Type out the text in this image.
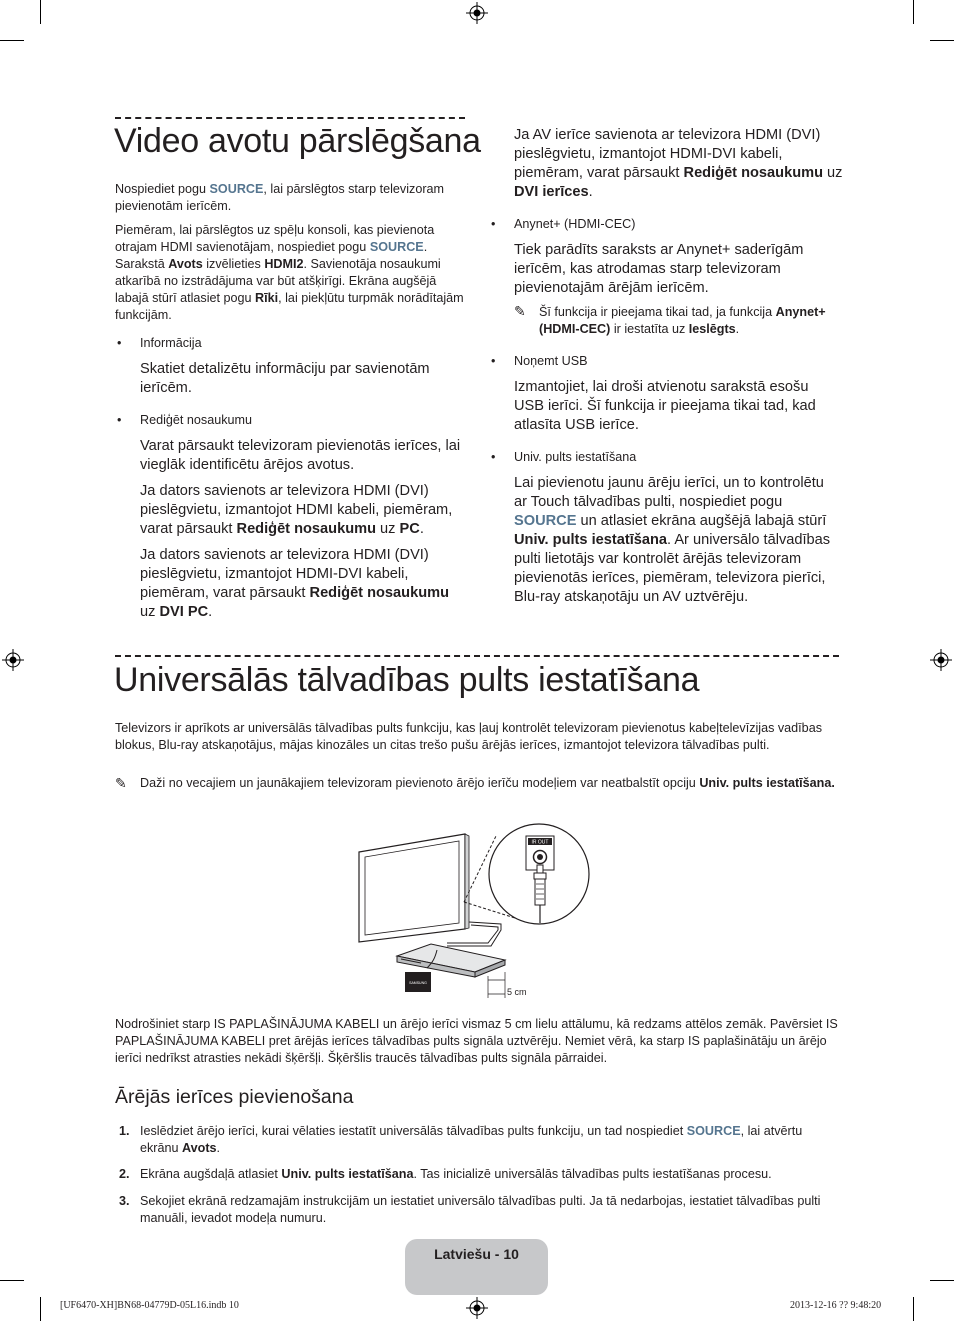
Video avotu pārslēgšana

Nospiediet pogu SOURCE, lai pārslēgtos starp televizoram pievienotām ierīcēm.

Piemēram, lai pārslēgtos uz spēļu konsoli, kas pievienota otrajam HDMI savienotājam, nospiediet pogu SOURCE. Sarakstā Avots izvēlieties HDMI2. Savienotāja nosaukumi atkarībā no izstrādājuma var būt atšķirīgi. Ekrāna augšējā labajā stūrī atlasiet pogu Rīki, lai piekļūtu turpmāk norādītajām funkcijām.

• Informācija

Skatiet detalizētu informāciju par savienotām ierīcēm.

• Rediģēt nosaukumu

Varat pārsaukt televizoram pievienotās ierīces, lai vieglāk identificētu ārējos avotus.

Ja dators savienots ar televizora HDMI (DVI) pieslēgvietu, izmantojot HDMI kabeli, piemēram, varat pārsaukt Rediģēt nosaukumu uz PC.

Ja dators savienots ar televizora HDMI (DVI) pieslēgvietu, izmantojot HDMI-DVI kabeli, piemēram, varat pārsaukt Rediģēt nosaukumu uz DVI PC.

Ja AV ierīce savienota ar televizora HDMI (DVI) pieslēgvietu, izmantojot HDMI-DVI kabeli, piemēram, varat pārsaukt Rediģēt nosaukumu uz DVI ierīces.

• Anynet+ (HDMI-CEC)

Tiek parādīts saraksts ar Anynet+ saderīgām ierīcēm, kas atrodamas starp televizoram pievienotajām ārējām ierīcēm.

✎ Šī funkcija ir pieejama tikai tad, ja funkcija Anynet+ (HDMI-CEC) ir iestatīta uz Ieslēgts.

• Noņemt USB

Izmantojiet, lai droši atvienotu sarakstā esošu USB ierīci. Šī funkcija ir pieejama tikai tad, kad atlasīta USB ierīce.

• Univ. pults iestatīšana

Lai pievienotu jaunu ārēju ierīci, un to kontrolētu ar Touch tālvadības pulti, nospiediet pogu SOURCE un atlasiet ekrāna augšējā labajā stūrī Univ. pults iestatīšana. Ar universālo tālvadības pulti lietotājs var kontrolēt ārējās televizoram pievienotās ierīces, piemēram, televizora pierīci, Blu-ray atskaņotāju un AV uztvērēju.

Universālās tālvadības pults iestatīšana

Televizors ir aprīkots ar universālās tālvadības pults funkciju, kas ļauj kontrolēt televizoram pievienotus kabeļtelevīzijas vadības blokus, Blu-ray atskaņotājus, mājas kinozāles un citas trešo pušu ārējās ierīces, izmantojot televizora tālvadības pulti.

✎ Daži no vecajiem un jaunākajiem televizoram pievienoto ārējo ierīču modeļiem var neatbalstīt opciju Univ. pults iestatīšana.

SAMSUNG
5 cm
IR OUT

Nodrošiniet starp IS PAPLAŠINĀJUMA KABELI un ārējo ierīci vismaz 5 cm lielu attālumu, kā redzams attēlos zemāk. Pavērsiet IS PAPLAŠINĀJUMA KABELI pret ārējās ierīces tālvadības pults signāla uztvērēju. Nemiet vērā, ka starp IS paplašinātāju un ārējo ierīci nedrīkst atrasties nekādi šķēršļi. Šķēršlis traucēs tālvadības pults signāla pārraidei.

Ārējās ierīces pievienošana
1. Ieslēdziet ārējo ierīci, kurai vēlaties iestatīt universālās tālvadības pults funkciju, un tad nospiediet SOURCE, lai atvērtu ekrānu Avots.
2. Ekrāna augšdaļā atlasiet Univ. pults iestatīšana. Tas inicializē universālās tālvadības pults iestatīšanas procesu.
3. Sekojiet ekrānā redzamajām instrukcijām un iestatiet universālo tālvadības pulti. Ja tā nedarbojas, iestatiet tālvadības pulti manuāli, ievadot modeļa numuru.
Latviešu - 10
[UF6470-XH]BN68-04779D-05L16.indb 10	2013-12-16 ?? 9:48:20
